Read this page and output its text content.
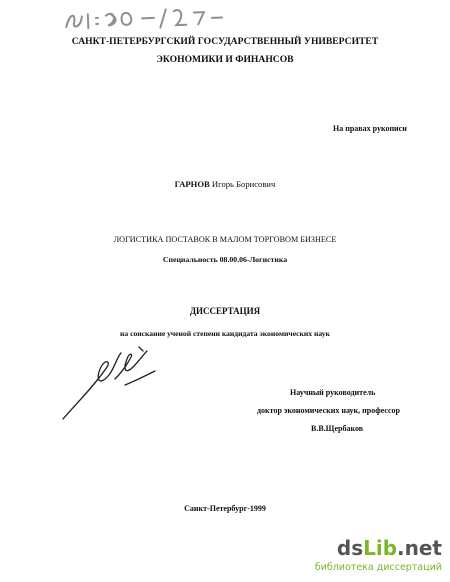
САНКТ-ПЕТЕРБУРГСКИЙ ГОСУДАРСТВЕННЫЙ УНИВЕРСИТЕТ
ЭКОНОМИКИ И ФИНАНСОВ
На правах рукописи
ГАРНОВ Игорь Борисович
ЛОГИСТИКА ПОСТАВОК В МАЛОМ ТОРГОВОМ БИЗНЕСЕ
Специальность 08.00.06-Логистика
ДИССЕРТАЦИЯ
на соискание ученой степени кандидата экономических наук
Научный руководитель
доктор экономических наук, профессор
В.В.Щербаков
Санкт-Петербург-1999
dsLib.net
библиотека диссертаций
